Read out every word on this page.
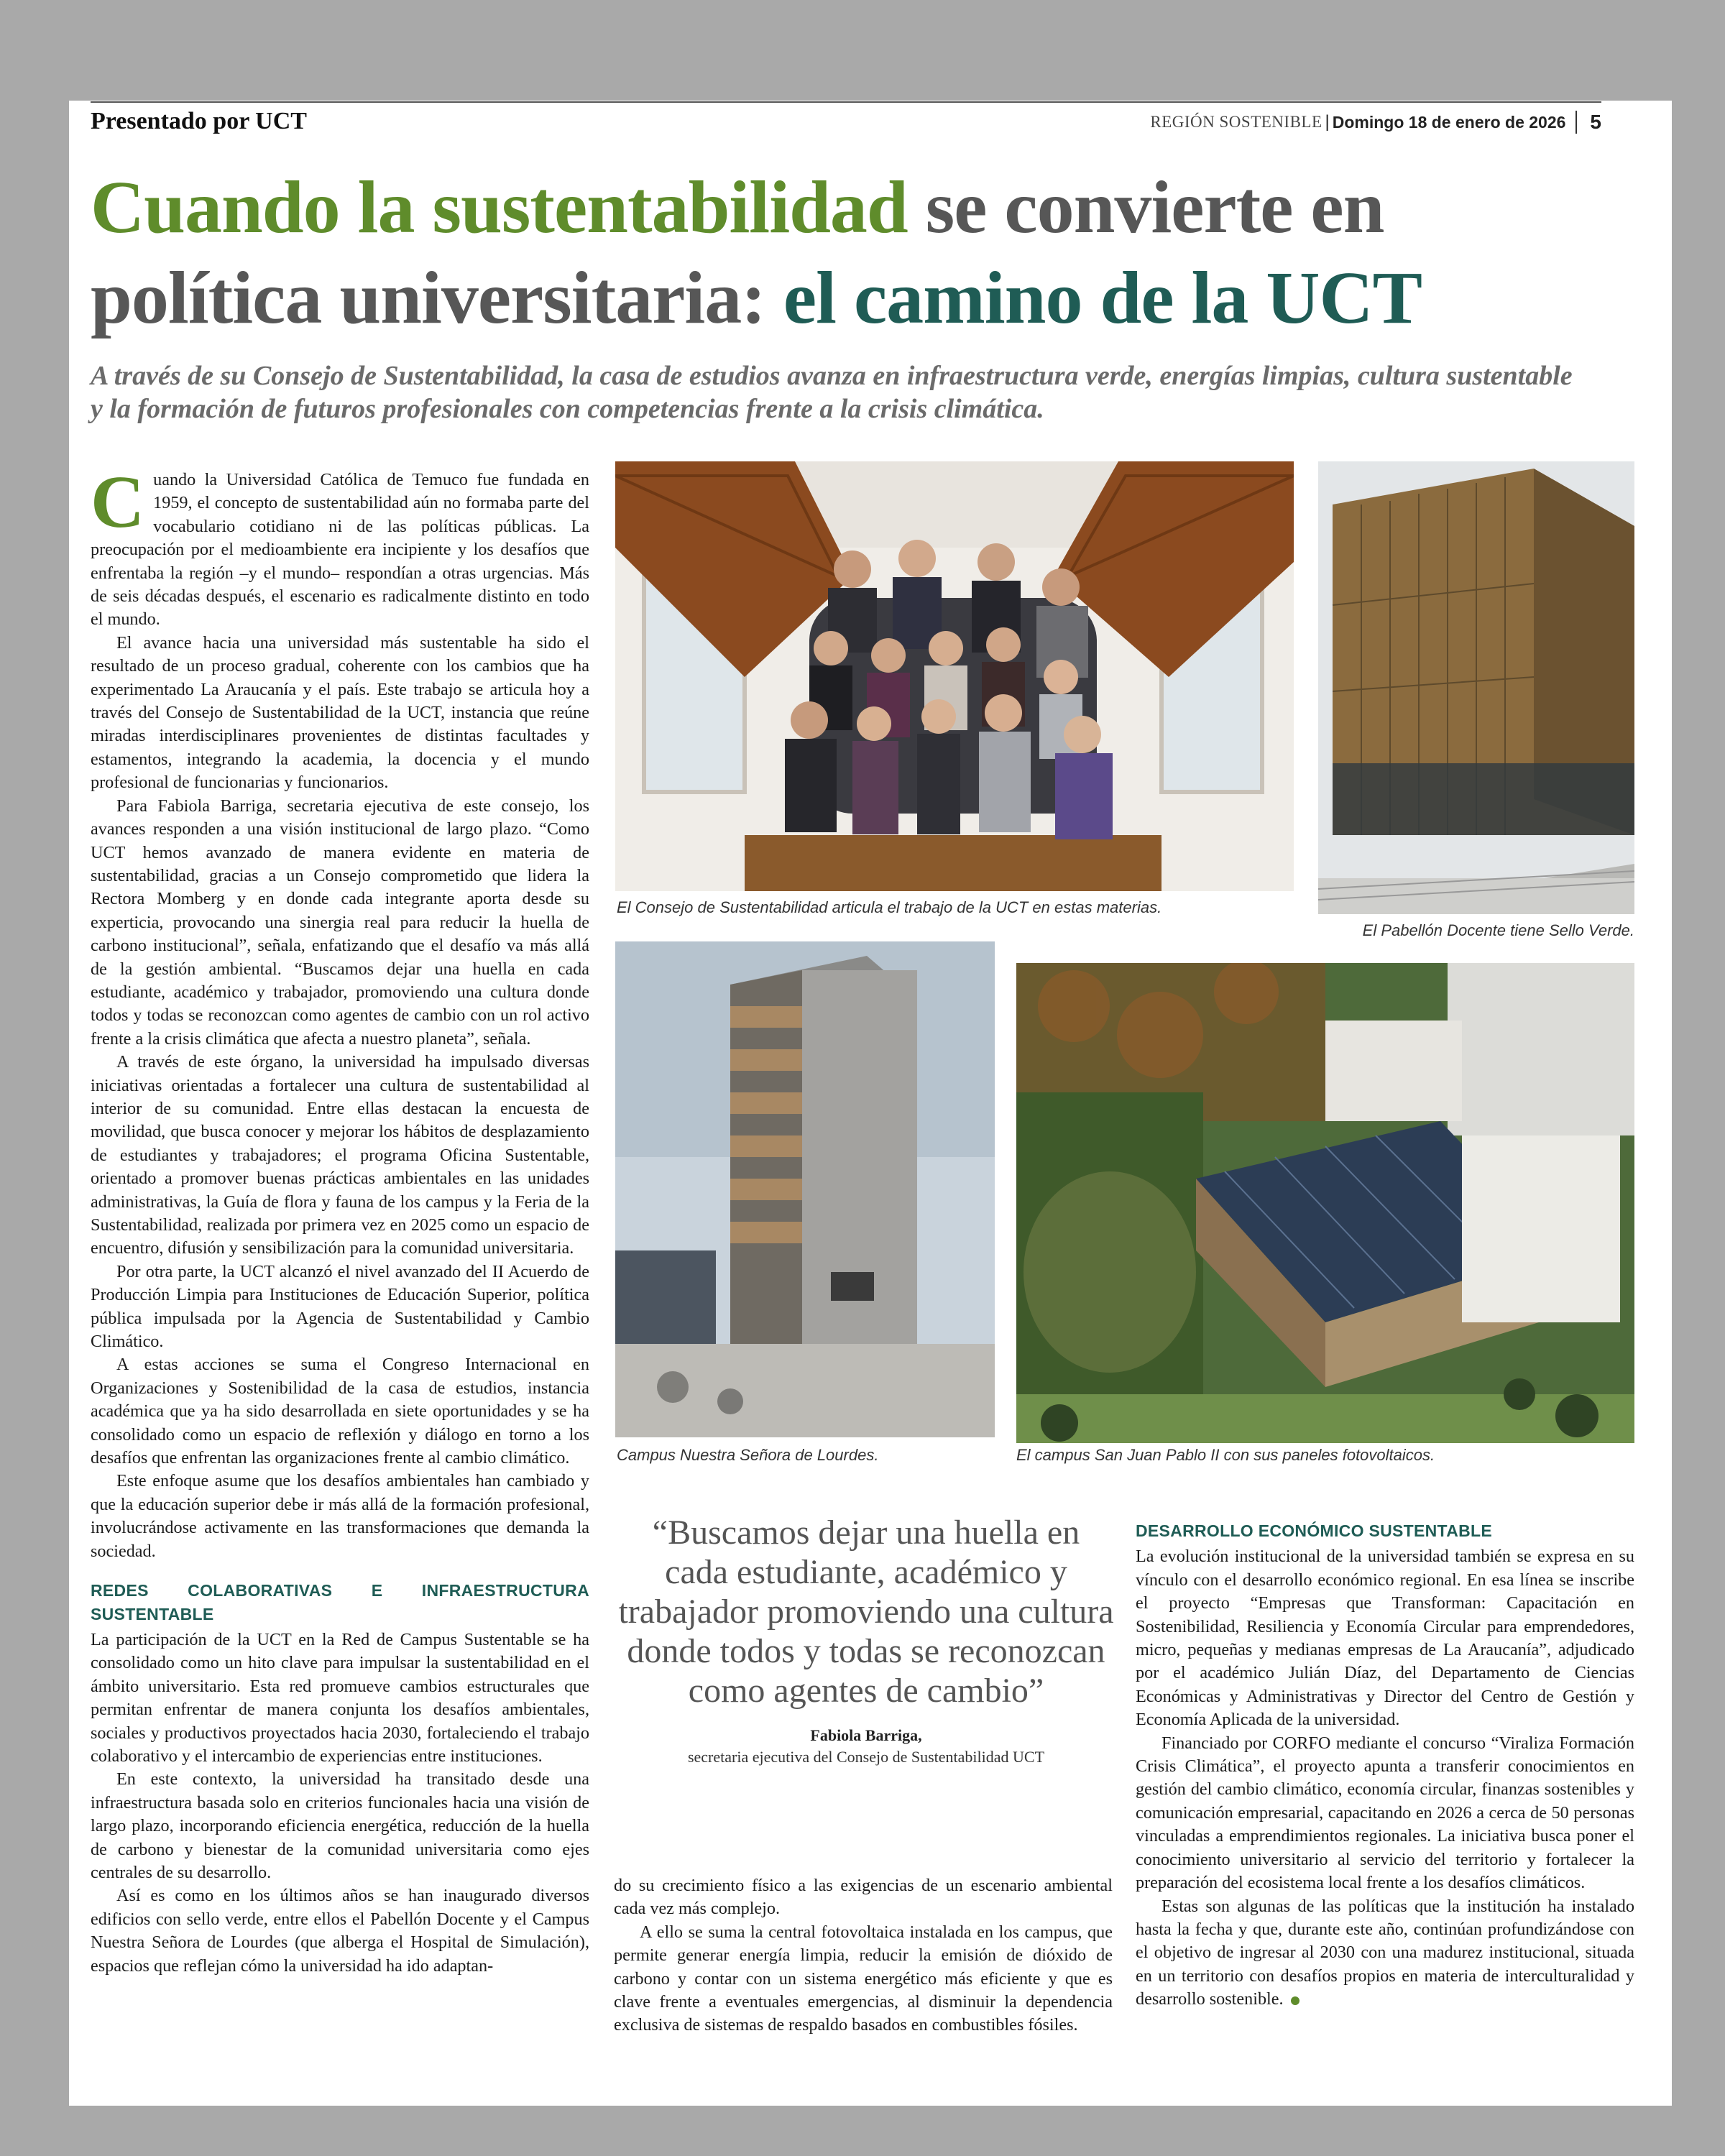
Presentado por UCT	REGIÓN SOSTENIBLE | Domingo 18 de enero de 2026	5
Cuando la sustentabilidad se convierte en política universitaria: el camino de la UCT
A través de su Consejo de Sustentabilidad, la casa de estudios avanza en infraestructura verde, energías limpias, cultura sustentable y la formación de futuros profesionales con competencias frente a la crisis climática.

Cuando la Universidad Católica de Temuco fue fundada en 1959, el concepto de sustentabilidad aún no formaba parte del vocabulario cotidiano ni de las políticas públicas. La preocupación por el medioambiente era incipiente y los desafíos que enfrentaba la región –y el mundo– respondían a otras urgencias. Más de seis décadas después, el escenario es radicalmente distinto en todo el mundo.

El avance hacia una universidad más sustentable ha sido el resultado de un proceso gradual, coherente con los cambios que ha experimentado La Araucanía y el país. Este trabajo se articula hoy a través del Consejo de Sustentabilidad de la UCT, instancia que reúne miradas interdisciplinares provenientes de distintas facultades y estamentos, integrando la academia, la docencia y el mundo profesional de funcionarias y funcionarios.

Para Fabiola Barriga, secretaria ejecutiva de este consejo, los avances responden a una visión institucional de largo plazo. “Como UCT hemos avanzado de manera evidente en materia de sustentabilidad, gracias a un Consejo comprometido que lidera la Rectora Momberg y en donde cada integrante aporta desde su experticia, provocando una sinergia real para reducir la huella de carbono institucional”, señala, enfatizando que el desafío va más allá de la gestión ambiental. “Buscamos dejar una huella en cada estudiante, académico y trabajador, promoviendo una cultura donde todos y todas se reconozcan como agentes de cambio con un rol activo frente a la crisis climática que afecta a nuestro planeta”, señala.

A través de este órgano, la universidad ha impulsado diversas iniciativas orientadas a fortalecer una cultura de sustentabilidad al interior de su comunidad. Entre ellas destacan la encuesta de movilidad, que busca conocer y mejorar los hábitos de desplazamiento de estudiantes y trabajadores; el programa Oficina Sustentable, orientado a promover buenas prácticas ambientales en las unidades administrativas, la Guía de flora y fauna de los campus y la Feria de la Sustentabilidad, realizada por primera vez en 2025 como un espacio de encuentro, difusión y sensibilización para la comunidad universitaria.

Por otra parte, la UCT alcanzó el nivel avanzado del II Acuerdo de Producción Limpia para Instituciones de Educación Superior, política pública impulsada por la Agencia de Sustentabilidad y Cambio Climático.

A estas acciones se suma el Congreso Internacional en Organizaciones y Sostenibilidad de la casa de estudios, instancia académica que ya ha sido desarrollada en siete oportunidades y se ha consolidado como un espacio de reflexión y diálogo en torno a los desafíos que enfrentan las organizaciones frente al cambio climático.

Este enfoque asume que los desafíos ambientales han cambiado y que la educación superior debe ir más allá de la formación profesional, involucrándose activamente en las transformaciones que demanda la sociedad.

REDES COLABORATIVAS E INFRAESTRUCTURA SUSTENTABLE

La participación de la UCT en la Red de Campus Sustentable se ha consolidado como un hito clave para impulsar la sustentabilidad en el ámbito universitario. Esta red promueve cambios estructurales que permitan enfrentar de manera conjunta los desafíos ambientales, sociales y productivos proyectados hacia 2030, fortaleciendo el trabajo colaborativo y el intercambio de experiencias entre instituciones.

En este contexto, la universidad ha transitado desde una infraestructura basada solo en criterios funcionales hacia una visión de largo plazo, incorporando eficiencia energética, reducción de la huella de carbono y bienestar de la comunidad universitaria como ejes centrales de su desarrollo.

Así es como en los últimos años se han inaugurado diversos edificios con sello verde, entre ellos el Pabellón Docente y el Campus Nuestra Señora de Lourdes (que alberga el Hospital de Simulación), espacios que reflejan cómo la universidad ha ido adaptan-

El Consejo de Sustentabilidad articula el trabajo de la UCT en estas materias.
El Pabellón Docente tiene Sello Verde.
Campus Nuestra Señora de Lourdes.	El campus San Juan Pablo II con sus paneles fotovoltaicos.
“Buscamos dejar una huella en cada estudiante, académico y trabajador promoviendo una cultura donde todos y todas se reconozcan como agentes de cambio”
Fabiola Barriga,
secretaria ejecutiva del Consejo de Sustentabilidad UCT

do su crecimiento físico a las exigencias de un escenario ambiental cada vez más complejo.

A ello se suma la central fotovoltaica instalada en los campus, que permite generar energía limpia, reducir la emisión de dióxido de carbono y contar con un sistema energético más eficiente y que es clave frente a eventuales emergencias, al disminuir la dependencia exclusiva de sistemas de respaldo basados en combustibles fósiles.

DESARROLLO ECONÓMICO SUSTENTABLE

La evolución institucional de la universidad también se expresa en su vínculo con el desarrollo económico regional. En esa línea se inscribe el proyecto “Empresas que Transforman: Capacitación en Sostenibilidad, Resiliencia y Economía Circular para emprendedores, micro, pequeñas y medianas empresas de La Araucanía”, adjudicado por el académico Julián Díaz, del Departamento de Ciencias Económicas y Administrativas y Director del Centro de Gestión y Economía Aplicada de la universidad.

Financiado por CORFO mediante el concurso “Viraliza Formación Crisis Climática”, el proyecto apunta a transferir conocimientos en gestión del cambio climático, economía circular, finanzas sostenibles y comunicación empresarial, capacitando en 2026 a cerca de 50 personas vinculadas a emprendimientos regionales. La iniciativa busca poner el conocimiento universitario al servicio del territorio y fortalecer la preparación del ecosistema local frente a los desafíos climáticos.

Estas son algunas de las políticas que la institución ha instalado hasta la fecha y que, durante este año, continúan profundizándose con el objetivo de ingresar al 2030 con una madurez institucional, situada en un territorio con desafíos propios en materia de interculturalidad y desarrollo sostenible.
